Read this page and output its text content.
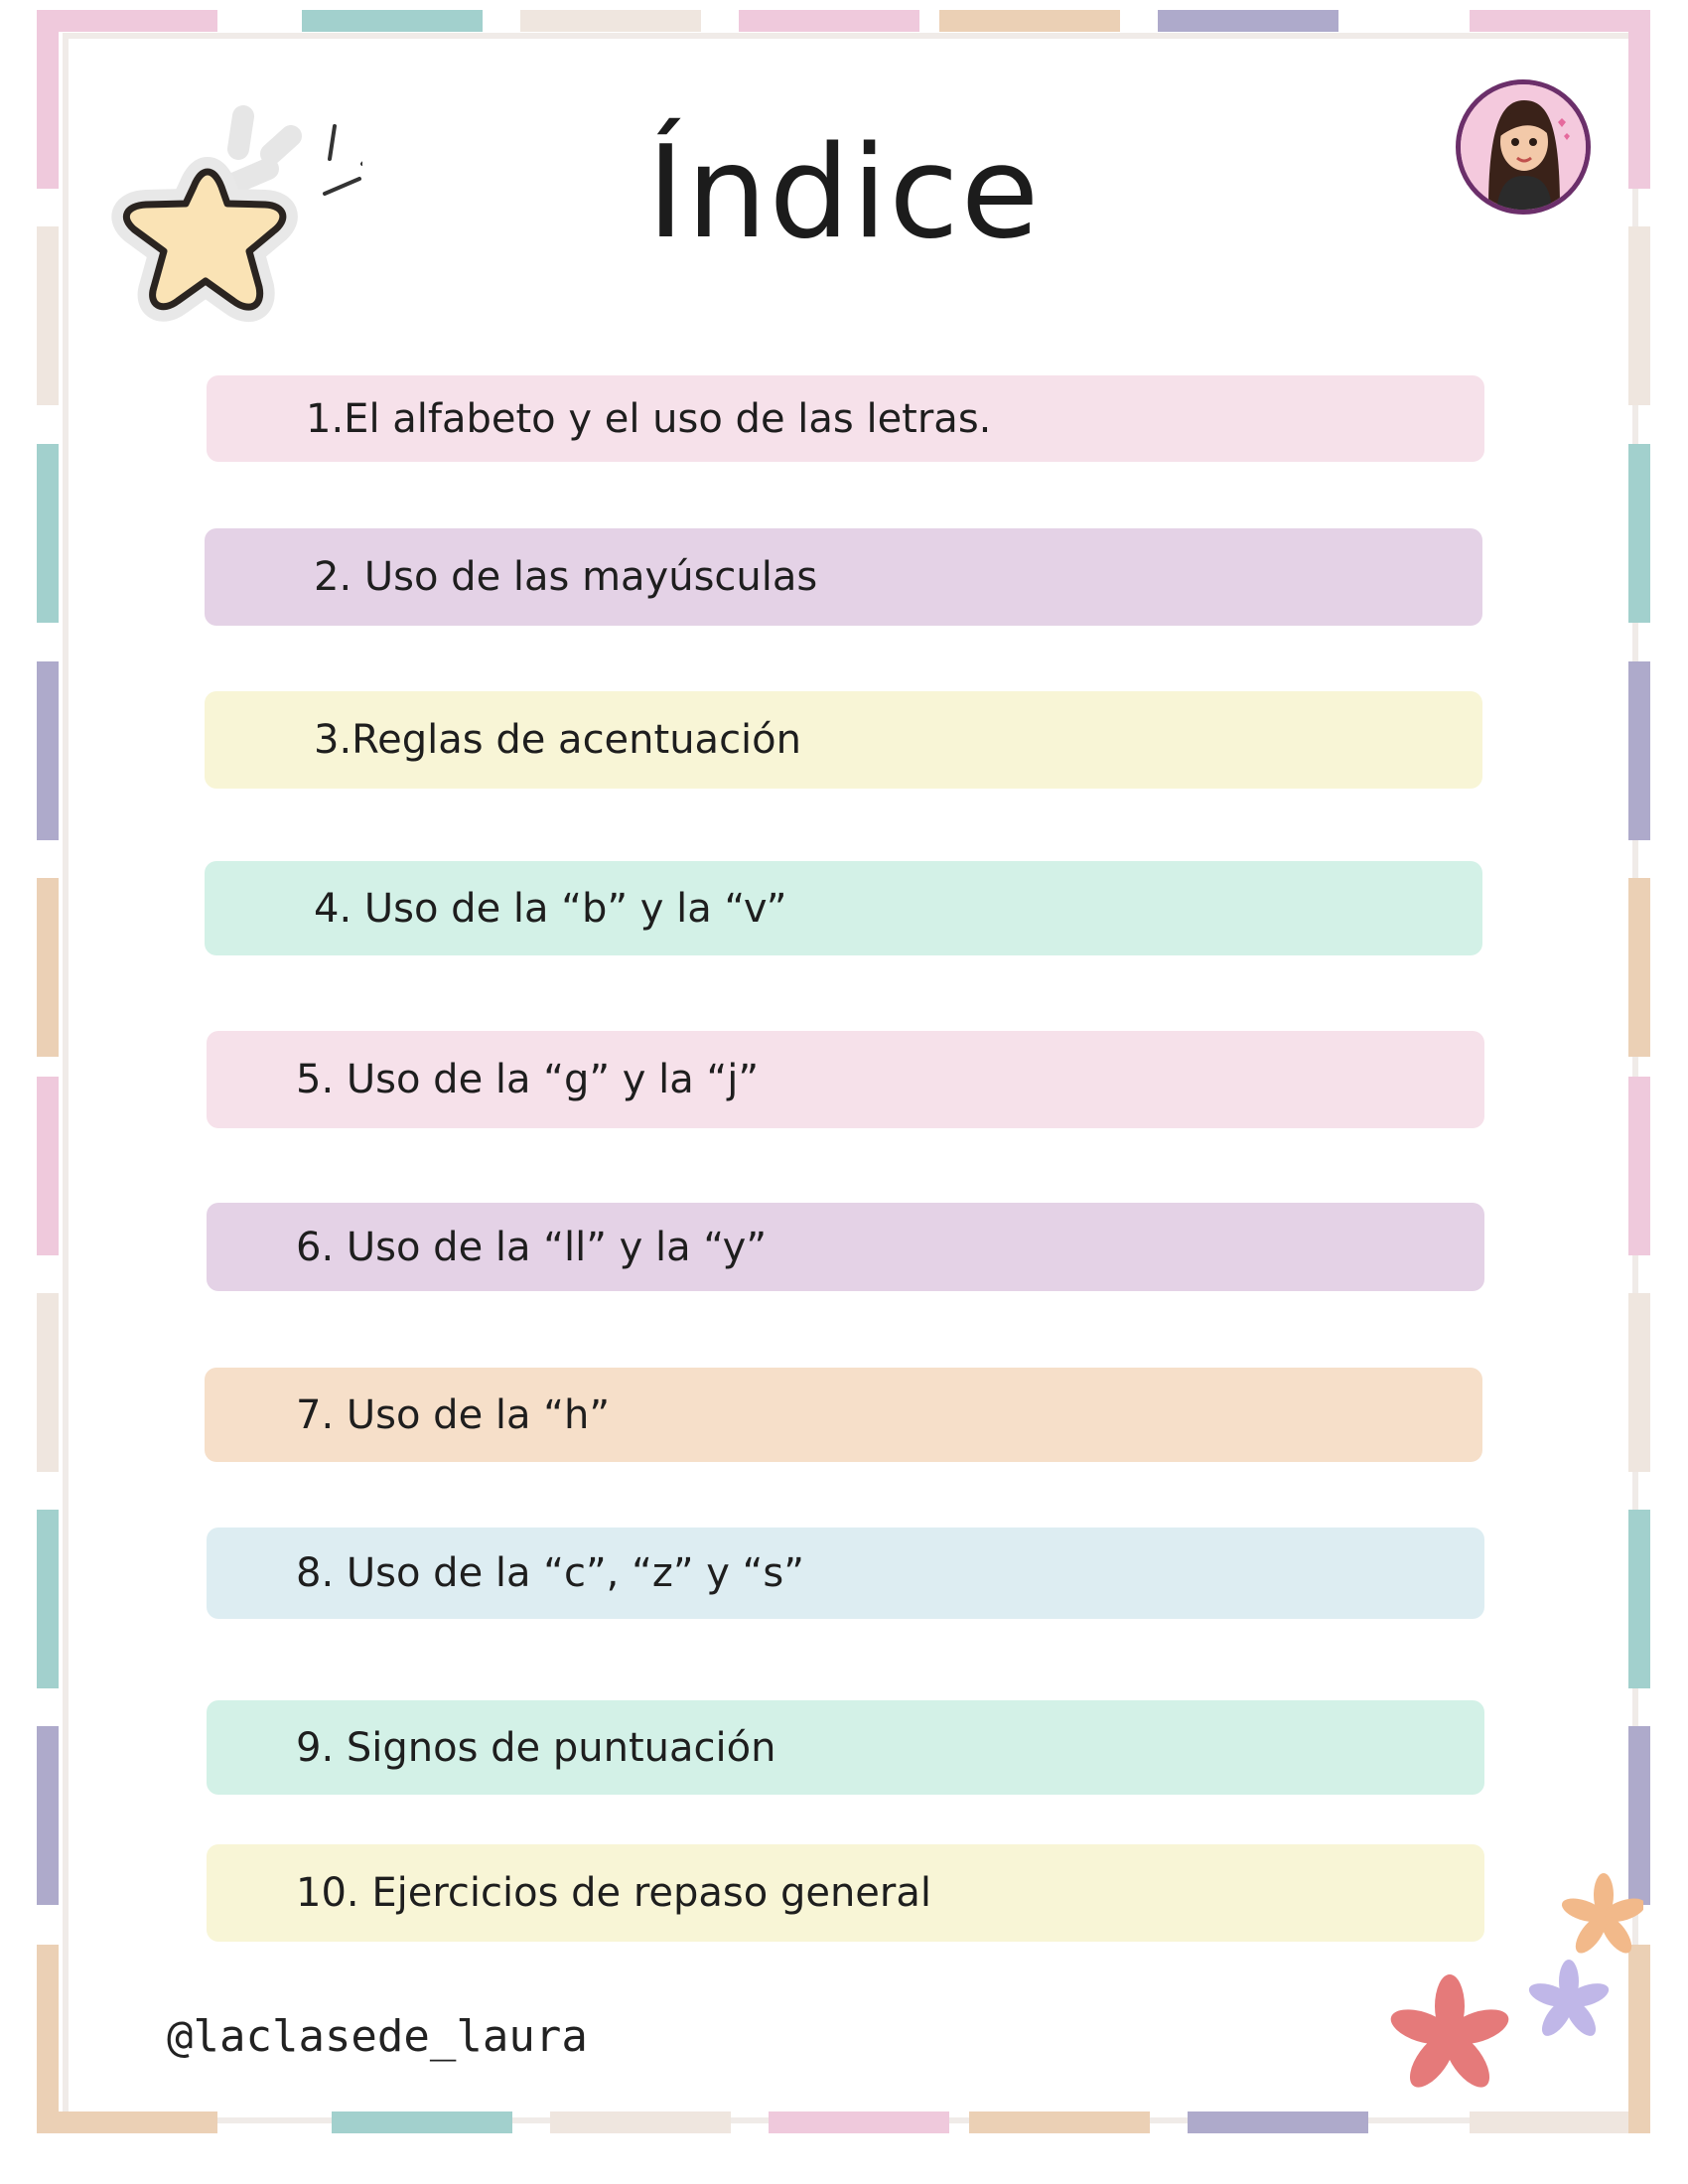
Índice
1.El alfabeto y el uso de las letras.
2. Uso de las mayúsculas
3.Reglas de acentuación
4. Uso de la “b” y la “v”
5. Uso de la “g” y la “j”
6. Uso de la “ll” y la “y”
7. Uso de la “h”
8. Uso de la “c”, “z” y “s”
9. Signos de puntuación
10. Ejercicios de repaso general
@laclasede_laura
